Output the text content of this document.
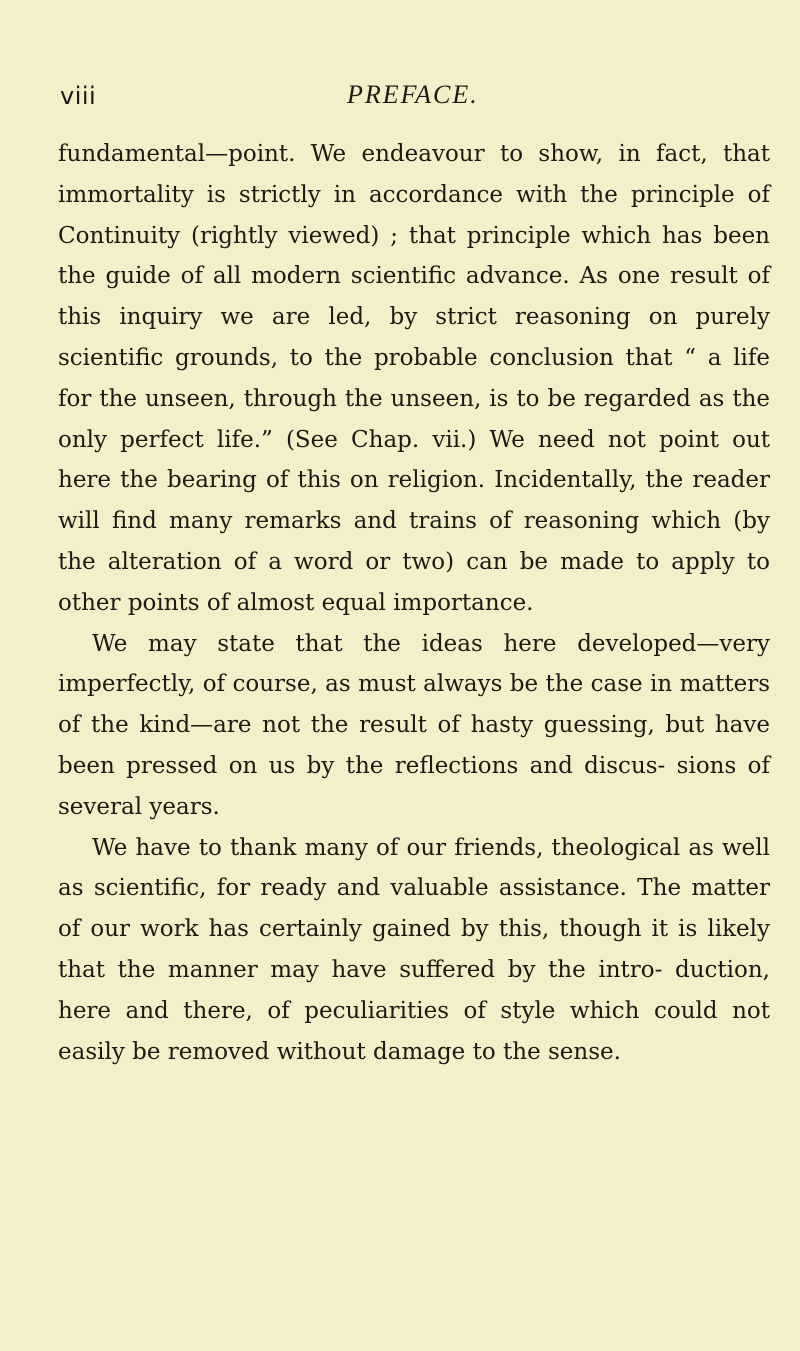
viii	PREFACE.

fundamental—point. We endeavour to show, in fact, that immortality is strictly in accordance with the principle of Continuity (rightly viewed) ; that principle which has been the guide of all modern scientific advance. As one result of this inquiry we are led, by strict reasoning on purely scientific grounds, to the probable conclusion that “ a life for the unseen, through the unseen, is to be regarded as the only perfect life.” (See Chap. vii.) We need not point out here the bearing of this on religion. Incidentally, the reader will find many remarks and trains of reasoning which (by the alteration of a word or two) can be made to apply to other points of almost equal importance.

We may state that the ideas here developed—very imperfectly, of course, as must always be the case in matters of the kind—are not the result of hasty guessing, but have been pressed on us by the reflections and discus- sions of several years.

We have to thank many of our friends, theological as well as scientific, for ready and valuable assistance. The matter of our work has certainly gained by this, though it is likely that the manner may have suffered by the intro- duction, here and there, of peculiarities of style which could not easily be removed without damage to the sense.
